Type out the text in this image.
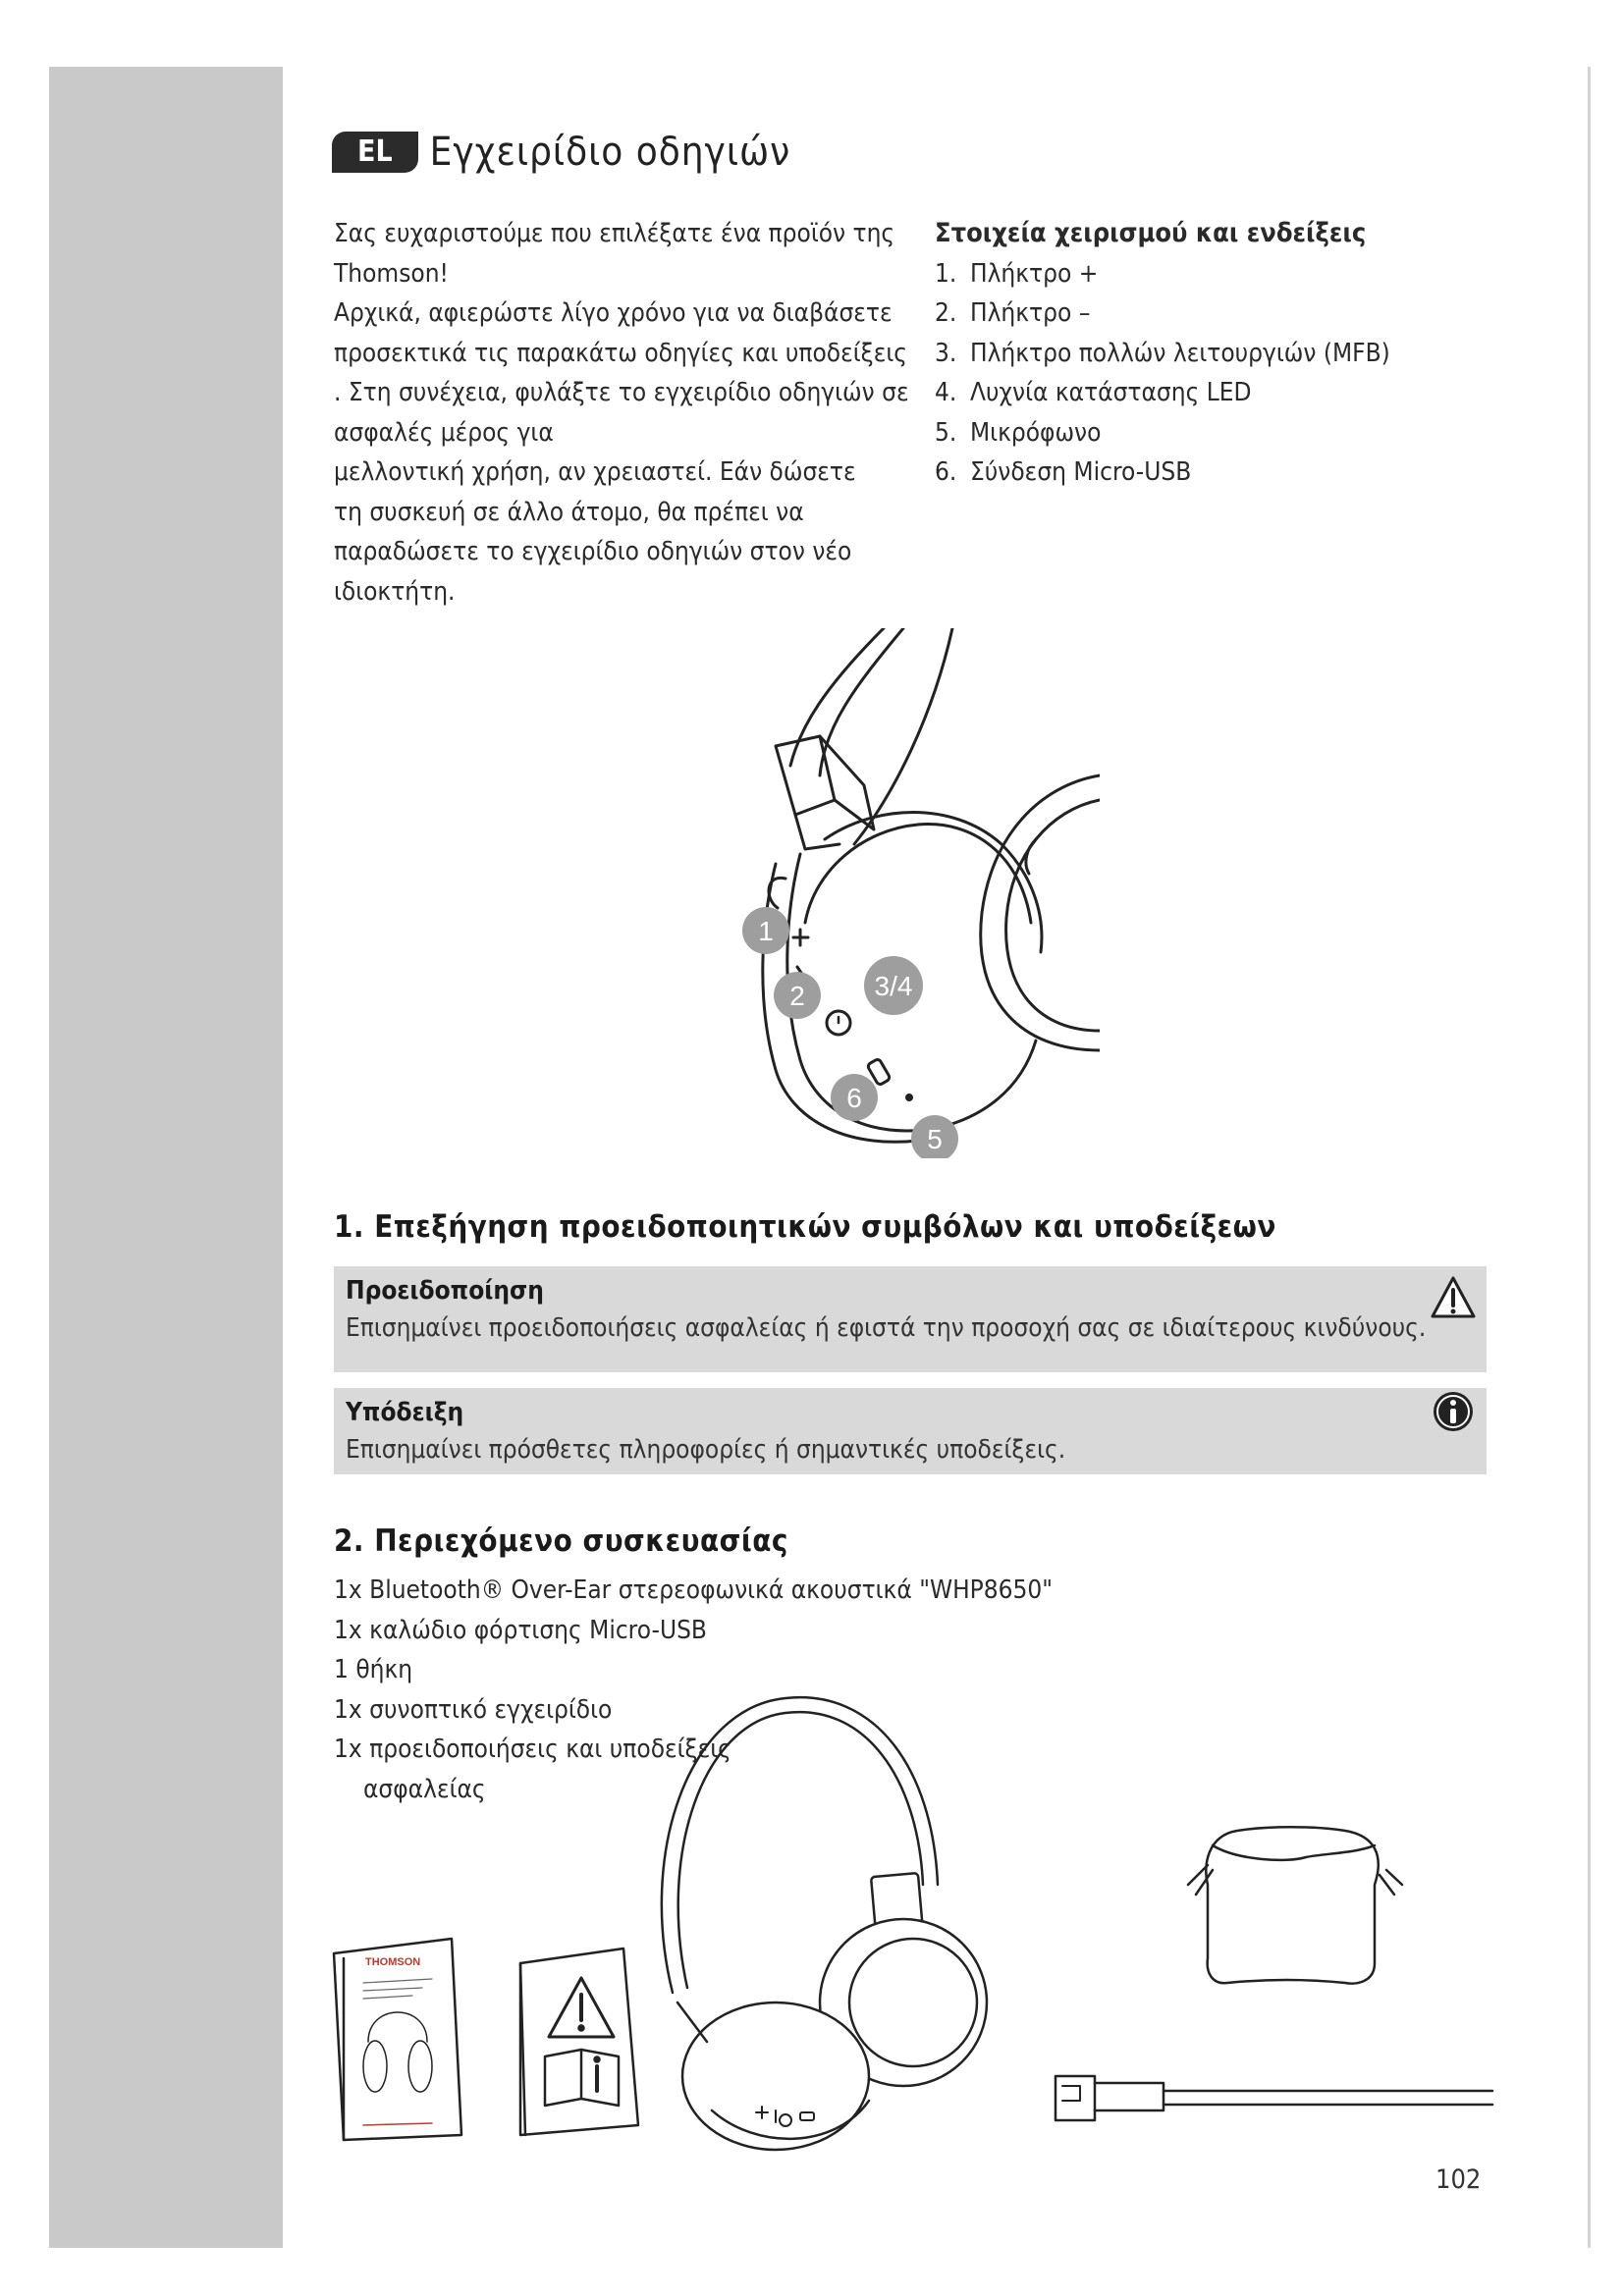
EL Εγχειρίδιο οδηγιών

Σας ευχαριστούμε που επιλέξατε ένα προϊόν της

Thomson!

Αρχικά, αφιερώστε λίγο χρόνο για να διαβάσετε

προσεκτικά τις παρακάτω οδηγίες και υποδείξεις

. Στη συνέχεια, φυλάξτε το εγχειρίδιο οδηγιών σε

ασφαλές μέρος για

μελλοντική χρήση, αν χρειαστεί. Εάν δώσετε

τη συσκευή σε άλλο άτομο, θα πρέπει να

παραδώσετε το εγχειρίδιο οδηγιών στον νέο

ιδιοκτήτη.

Στοιχεία χειρισμού και ενδείξεις
1. Πλήκτρο +
2. Πλήκτρο –
3. Πλήκτρο πολλών λειτουργιών (MFB)
4. Λυχνία κατάστασης LED
5. Μικρόφωνο
6. Σύνδεση Micro-USB
1
2	3/4
6
5
1. Επεξήγηση προειδοποιητικών συμβόλων και υποδείξεων
Προειδοποίηση
Επισημαίνει προειδοποιήσεις ασφαλείας ή εφιστά την προσοχή σας σε ιδιαίτερους κινδύνους.
Υπόδειξη
Επισημαίνει πρόσθετες πληροφορίες ή σημαντικές υποδείξεις.
2. Περιεχόμενο συσκευασίας
1x Bluetooth® Over-Ear στερεοφωνικά ακουστικά "WHP8650"
1x καλώδιο φόρτισης Micro-USB
1 θήκη
1x συνοπτικό εγχειρίδιο
1x προειδοποιήσεις και υποδείξεις
ασφαλείας
THOMSON
102
